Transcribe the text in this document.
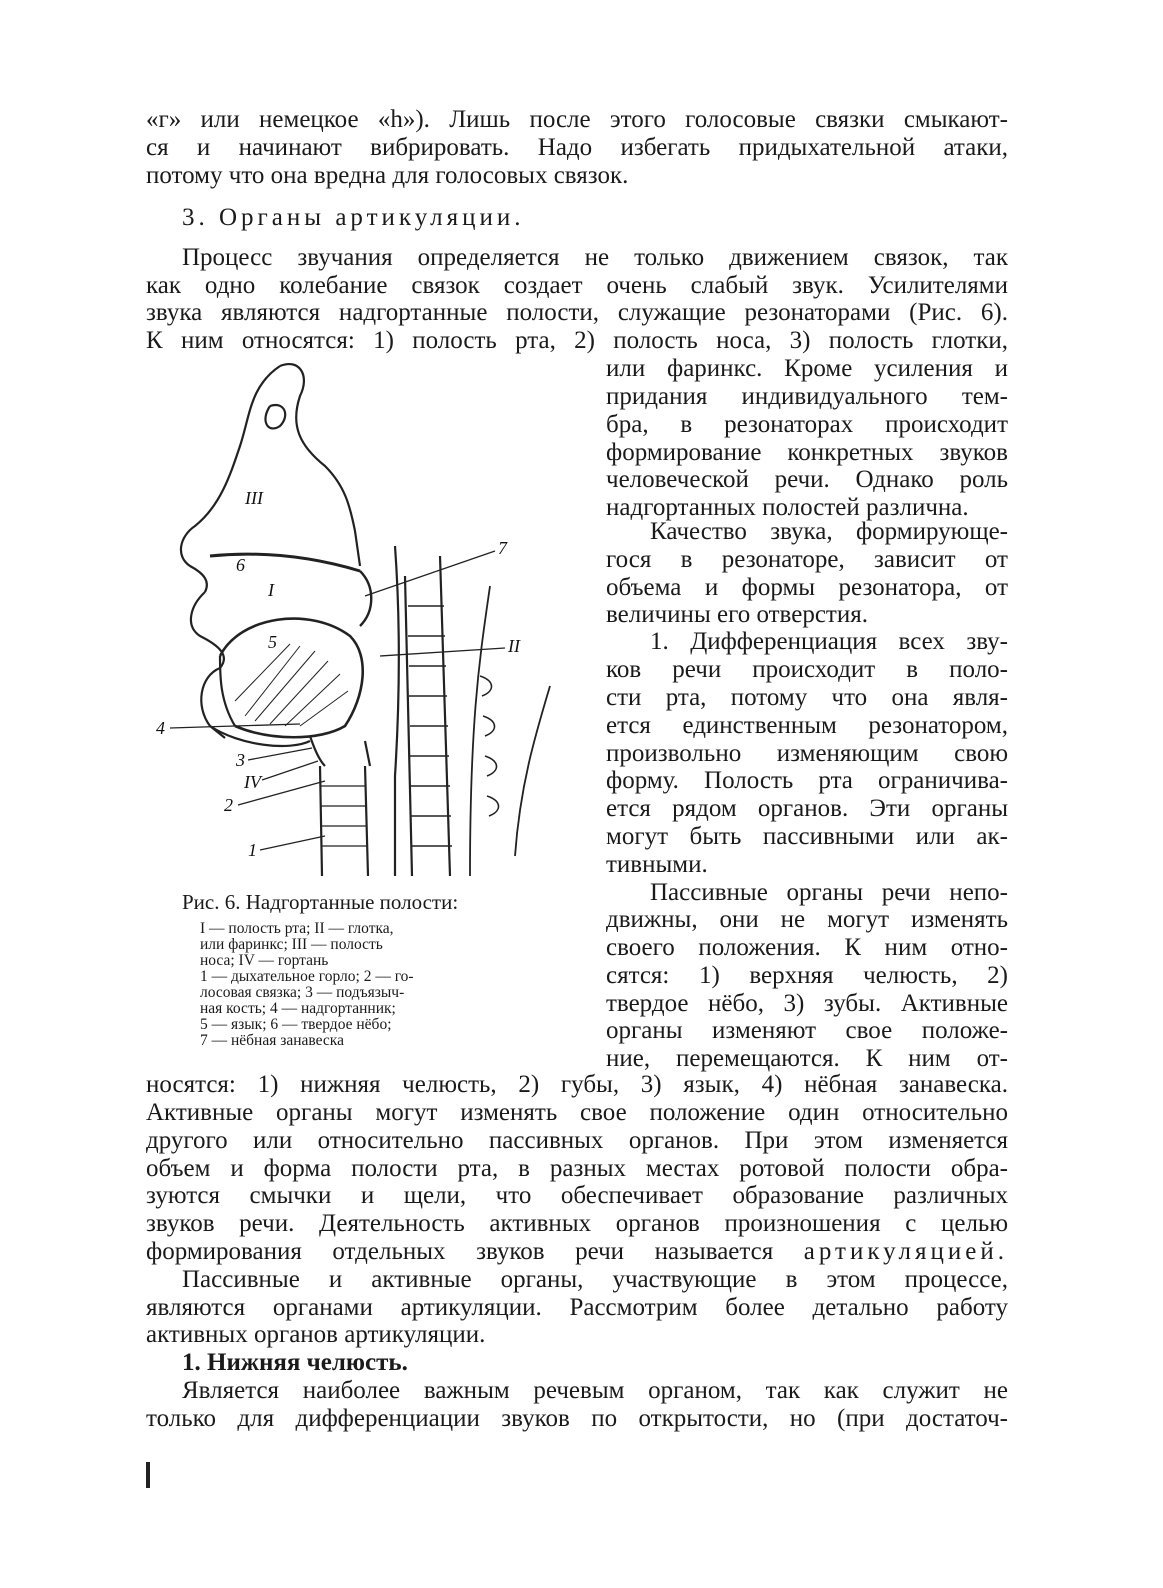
«г» или немецкое «h»). Лишь после этого голосовые связки смыкают-
ся и начинают вибрировать. Надо избегать придыхательной атаки,
потому что она вредна для голосовых связок.
3. Органы артикуляции.
Процесс звучания определяется не только движением связок, так
как одно колебание связок создает очень слабый звук. Усилителями
звука являются надгортанные полости, служащие резонаторами (Рис. 6).
К ним относятся: 1) полость рта, 2) полость носа, 3) полость глотки,
или фаринкс. Кроме усиления и
придания индивидуального тем-
бра, в резонаторах происходит
формирование конкретных звуков
человеческой речи. Однако роль
надгортанных полостей различна.
Качество звука, формирующе-
гося в резонаторе, зависит от
объема и формы резонатора, от
величины его отверстия.
1. Дифференциация всех зву-
ков речи происходит в поло-
сти рта, потому что она явля-
ется единственным резонатором,
произвольно изменяющим свою
форму. Полость рта ограничива-
ется рядом органов. Эти органы
могут быть пассивными или ак-
тивными.
Пассивные органы речи непо-
движны, они не могут изменять
своего положения. К ним отно-
сятся: 1) верхняя челюсть, 2)
твердое нёбо, 3) зубы. Активные
органы изменяют свое положе-
ние, перемещаются. К ним от-
носятся: 1) нижняя челюсть, 2) губы, 3) язык, 4) нёбная занавеска.
Активные органы могут изменять свое положение один относительно
другого или относительно пассивных органов. При этом изменяется
объем и форма полости рта, в разных местах ротовой полости обра-
зуются смычки и щели, что обеспечивает образование различных
звуков речи. Деятельность активных органов произношения с целью
формирования отдельных звуков речи называется артикуляцией.
Пассивные и активные органы, участвующие в этом процессе,
являются органами артикуляции. Рассмотрим более детально работу
активных органов артикуляции.
1. Нижняя челюсть.
Является наиболее важным речевым органом, так как служит не
только для дифференциации звуков по открытости, но (при достаточ-
III
6
I
5
7
II
4
3
IV
2
1
Рис. 6. Надгортанные полости:
I — полость рта; II — глотка,
или фаринкс; III — полость
носа; IV — гортань
1 — дыхательное горло; 2 — го-
лосовая связка; 3 — подъязыч-
ная кость; 4 — надгортанник;
5 — язык; 6 — твердое нёбо;
7 — нёбная занавеска
